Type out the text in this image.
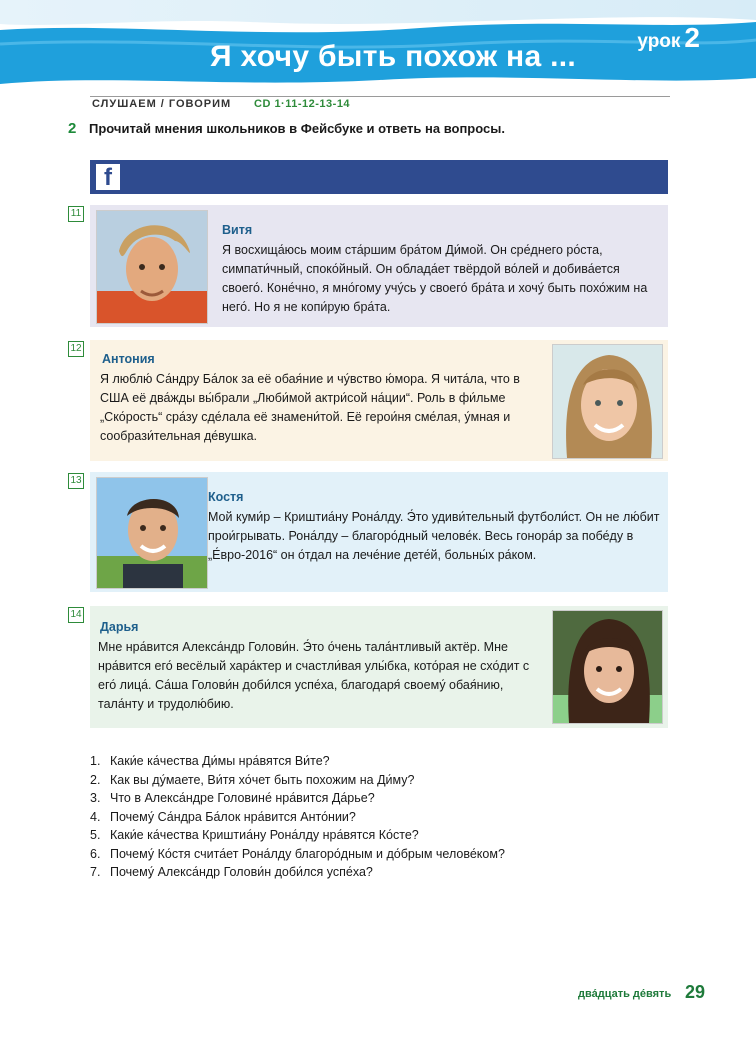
урок 2
Я хочу быть похож на ...
СЛУШАЕМ / ГОВОРИМ CD 1·11-12-13-14
2 Прочитай мнения школьников в Фейсбуке и ответь на вопросы.
f
11
Витя
Я восхища́юсь моим ста́ршим бра́том Ди́мой. Он сре́днего ро́ста, симпати́чный, споко́йный. Он облада́ет твёрдой во́лей и добива́ется своего́. Коне́чно, я мно́гому учу́сь у своего́ бра́та и хочу́ быть похо́жим на него́. Но я не копи́рую бра́та.
12
Антония
Я люблю́ Са́ндру Ба́лок за её обая́ние и чу́вство ю́мора. Я чита́ла, что в США её два́жды вы́брали „Люби́мой актри́сой на́ции“. Роль в фи́льме „Ско́рость“ сра́зу сде́лала её знамени́той. Её герои́ня сме́лая, у́мная и сообрази́тельная де́вушка.
13
Костя
Мой куми́р – Криштиа́ну Рона́лду. Э́то удиви́тельный футболи́ст. Он не лю́бит прои́грывать. Рона́лду – благоро́дный челове́к. Весь гонора́р за побе́ду в „Е́вро-2016“ он о́тдал на лече́ние дете́й, больны́х ра́ком.
14
Дарья
Мне нра́вится Алекса́ндр Голови́н. Э́то о́чень тала́нтливый актёр. Мне нра́вится его́ весёлый хара́ктер и счастли́вая улы́бка, кото́рая не схо́дит с его́ лица́. Са́ша Голови́н доби́лся успе́ха, благодаря́ своему́ обая́нию, тала́нту и трудолю́бию.
1. Каки́е ка́чества Ди́мы нра́вятся Ви́те?
2. Как вы ду́маете, Ви́тя хо́чет быть похожим на Ди́му?
3. Что в Алекса́ндре Головине́ нра́вится Да́рье?
4. Почему́ Са́ндра Ба́лок нра́вится Анто́нии?
5. Каки́е ка́чества Криштиа́ну Рона́лду нра́вятся Ко́сте?
6. Почему́ Ко́стя счита́ет Рона́лду благоро́дным и до́брым челове́ком?
7. Почему́ Алекса́ндр Голови́н доби́лся успе́ха?
два́дцать де́вять 29
